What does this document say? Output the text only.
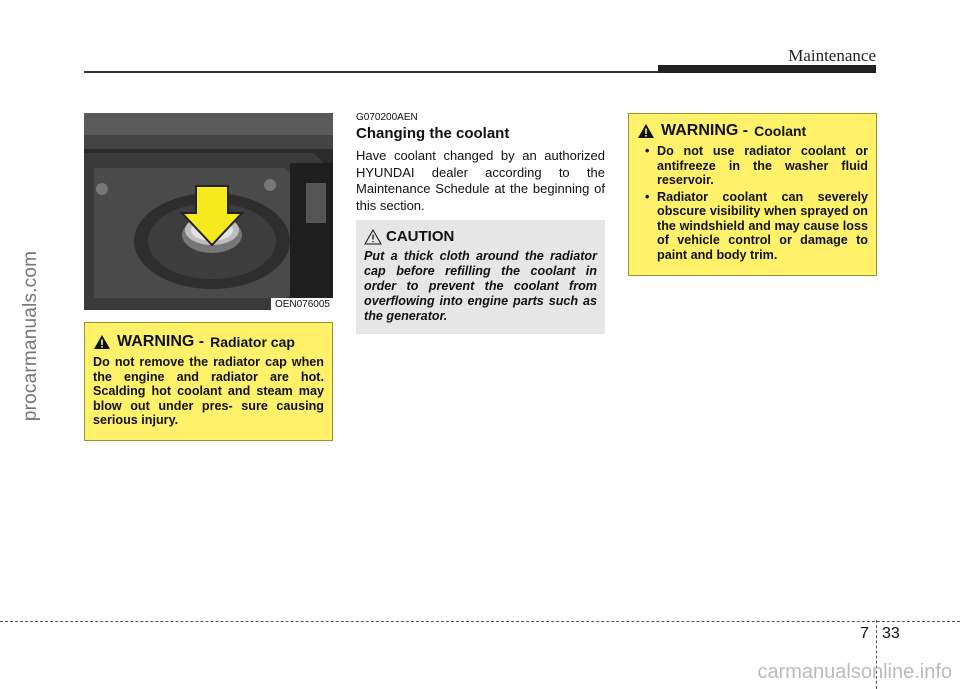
Maintenance
procarmanuals.com	OEN076005
WARNING - Radiator cap
Do not remove the radiator cap when the engine and radiator are hot. Scalding hot coolant and steam may blow out under pres- sure causing serious injury.
G070200AEN
Changing the coolant
Have coolant changed by an authorized HYUNDAI dealer according to the Maintenance Schedule at the beginning of this section.
CAUTION
Put a thick cloth around the radiator cap before refilling the coolant in order to prevent the coolant from overflowing into engine parts such as the generator.
WARNING - Coolant
• Do not use radiator coolant or antifreeze in the washer fluid reservoir.
• Radiator coolant can severely obscure visibility when sprayed on the windshield and may cause loss of vehicle control or damage to paint and body trim.
7 33
carmanualsonline.info
